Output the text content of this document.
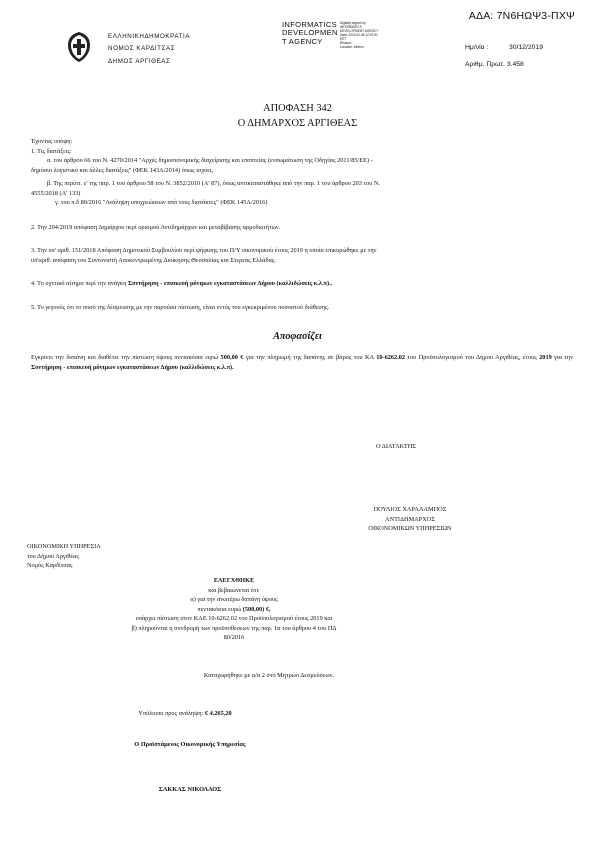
ΑΔΑ: 7Ν6ΗΩΨ3-ΠΧΨ
ΕΛΛΗΝΙΚΗΔΗΜΟΚΡΑΤΙΑ
ΝΟΜΟΣ ΚΑΡΔΙΤΣΑΣ
ΔΗΜΟΣ ΑΡΓΙΘΕΑΣ
INFORMATICS
DEVELOPMEN
T AGENCY
Digitally signed by
INFORMATICS
DEVELOPMENT AGENCY
Date: 2020.01.08 12:37:51
EET
Reason:
Location: Athens	Ημ/νία :	30/12/2019
Αριθμ. Πρωτ. 3.458
ΑΠΟΦΑΣΗ 342
Ο ΔΗΜΑΡΧΟΣ ΑΡΓΙΘΕΑΣ
Έχοντας υπόψη:
1. Τις διατάξεις:
α. του άρθρου 66 του Ν. 4270/2014 "Αρχές δημοσιονομικής διαχείρισης και εποπτείας (ενσωμάτωση της Οδηγίας 2011/85/ΕΕ) -
δημόσιο λογιστικό και άλλες διατάξεις" (ΦΕΚ 143Α/2014) όπως ισχύει,
β. Της περίπτ. ε' της παρ. 1 του άρθρου 58 του Ν. 3852/2010 (Α' 87), όπως αντικαταστάθηκε από την παρ. 1 του άρθρου 203 του Ν.
4555/2018 (Α' 133)
γ. του π.δ 80/2016 "Ανάληψη υποχρεώσεων από τους διατάκτες" (ΦΕΚ 145Α/2016)
2. Την 204/2019 απόφαση Δημάρχου περί ορισμού Αντιδημάρχων και μεταβίβασης αρμοδιοτήτων.
3. Την υπ' αριθ. 151/2018 Απόφαση Δημοτικού Συμβουλίου περί ψήφισης του Π/Υ οικονομικού έτους 2019 η οποία επικυρώθηκε με την
υπ'αριθ. απόφαση του Συντονιστή Αποκεντρωμένης Διοίκησης Θεσσαλίας και Στερεάς Ελλάδας.
4. Το σχετικό αίτημα περί την ανάγκη Συντήρηση - επισκευή μόνιμων εγκαταστάσεων Δήμου (καλλιδώσεις κ.λ.π)..
5. Το γεγονός ότι το ποσό της δέσμευσης με την παρούσα πίστωση, είναι εντός του εγκεκριμένου ποσοστού διάθεσης.
Αποφασίζει
Εγκρίνει την δαπάνη και διαθέτει την πίστωση ύψους πεντακόσια ευρώ 500,00 € για την πληρωμή της δαπάνης σε βάρος του ΚΑ 10-6262.02 του Προϋπολογισμού του Δήμου Αργιθέας, έτους 2019 για την Συντήρηση - επισκευή μόνιμων εγκαταστάσεων Δήμου (καλλιδώσεις κ.λ.π).
Ο ΔΙΑΤΑΚΤΗΣ
ΠΟΥΛΙΟΣ ΧΑΡΑΛΑΜΠΟΣ
ΑΝΤΙΔΗΜΑΡΧΟΣ
ΟΙΚΟΝΟΜΙΚΩΝ ΥΠΗΡΕΣΙΩΝ
ΟΙΚΟΝΟΜΙΚΗ ΥΠΗΡΕΣΙΑ
του Δήμου Αργιθέας
Νομός Καρδίτσας
ΕΛΕΓΧΘΗΚΕ
και βεβαιώνεται ότι:
α) για την ανωτέρω δαπάνη ύψους
πεντακόσια ευρώ (500,00) €,
υπάρχει πίστωση στον ΚΑΕ 10-6262.02 του Προϋπολογισμού έτους 2019 και
β) πληρούνται η συνδρομή των προϋποθέσεων της παρ. 1α του άρθρου 4 του ΠΔ
80/2016
Καταχωρήθηκε με α/α 2 στο Μητρώο Δεσμεύσεων.
Υπόλοιπο προς ανάληψη: € 4.265,20
Ο Προϊστάμενος Οικονομικής Υπηρεσίας
ΣΑΚΚΑΣ ΝΙΚΟΛΑΟΣ
